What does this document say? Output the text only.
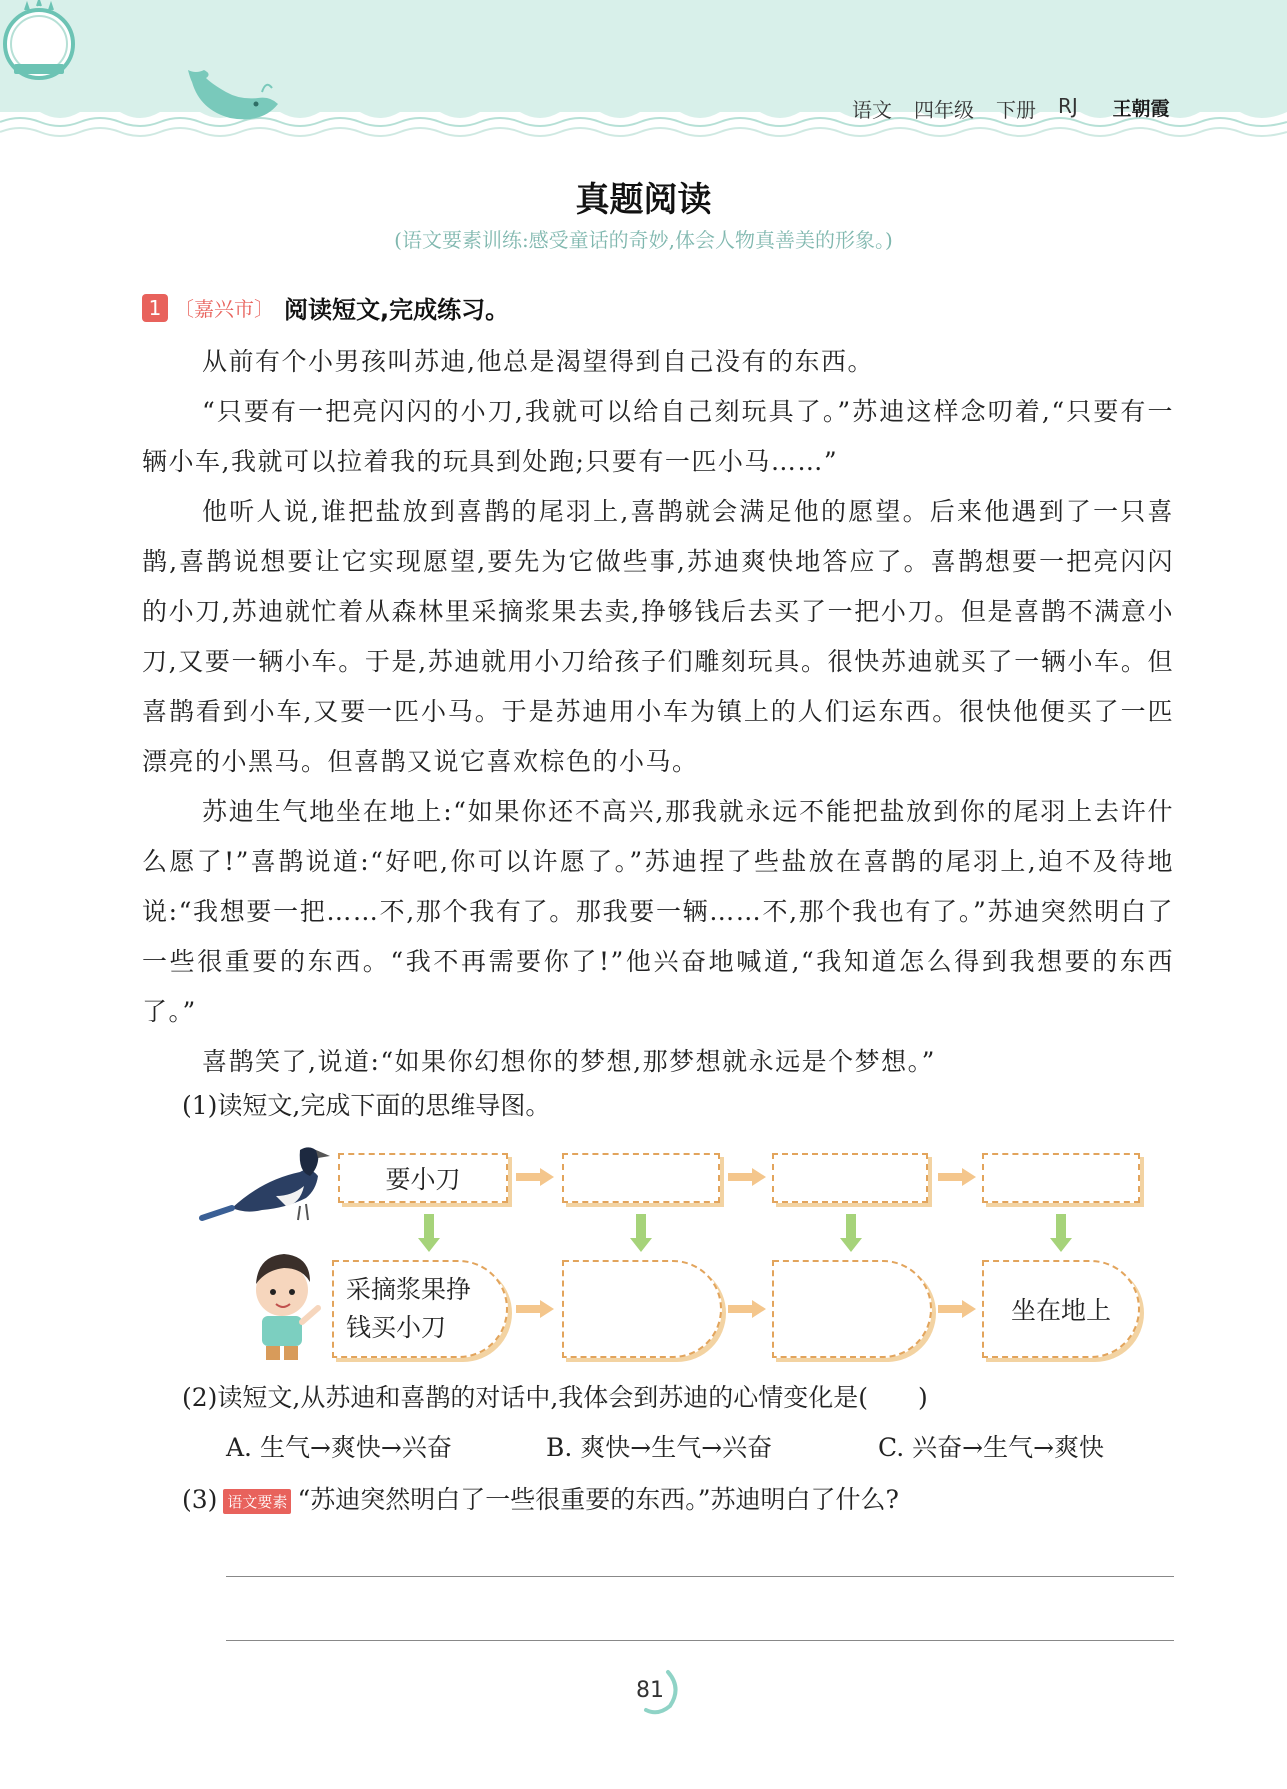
语文 四年级 下册 RJ 王朝霞
真题阅读
(语文要素训练:感受童话的奇妙,体会人物真善美的形象。)
1 〔嘉兴市〕 阅读短文,完成练习。

从前有个小男孩叫苏迪,他总是渴望得到自己没有的东西。

“只要有一把亮闪闪的小刀,我就可以给自己刻玩具了。”苏迪这样念叨着,“只要有一辆小车,我就可以拉着我的玩具到处跑;只要有一匹小马……”

他听人说,谁把盐放到喜鹊的尾羽上,喜鹊就会满足他的愿望。后来他遇到了一只喜鹊,喜鹊说想要让它实现愿望,要先为它做些事,苏迪爽快地答应了。喜鹊想要一把亮闪闪的小刀,苏迪就忙着从森林里采摘浆果去卖,挣够钱后去买了一把小刀。但是喜鹊不满意小刀,又要一辆小车。于是,苏迪就用小刀给孩子们雕刻玩具。很快苏迪就买了一辆小车。但喜鹊看到小车,又要一匹小马。于是苏迪用小车为镇上的人们运东西。很快他便买了一匹漂亮的小黑马。但喜鹊又说它喜欢棕色的小马。

苏迪生气地坐在地上:“如果你还不高兴,那我就永远不能把盐放到你的尾羽上去许什么愿了!”喜鹊说道:“好吧,你可以许愿了。”苏迪捏了些盐放在喜鹊的尾羽上,迫不及待地说:“我想要一把……不,那个我有了。那我要一辆……不,那个我也有了。”苏迪突然明白了一些很重要的东西。“我不再需要你了!”他兴奋地喊道,“我知道怎么得到我想要的东西了。”

喜鹊笑了,说道:“如果你幻想你的梦想,那梦想就永远是个梦想。”

(1)读短文,完成下面的思维导图。
要小刀
采摘浆果挣
钱买小刀
坐在地上
(2)读短文,从苏迪和喜鹊的对话中,我体会到苏迪的心情变化是(　　)
A. 生气→爽快→兴奋	B. 爽快→生气→兴奋	C. 兴奋→生气→爽快
(3) 语文要素 “苏迪突然明白了一些很重要的东西。”苏迪明白了什么?
81
